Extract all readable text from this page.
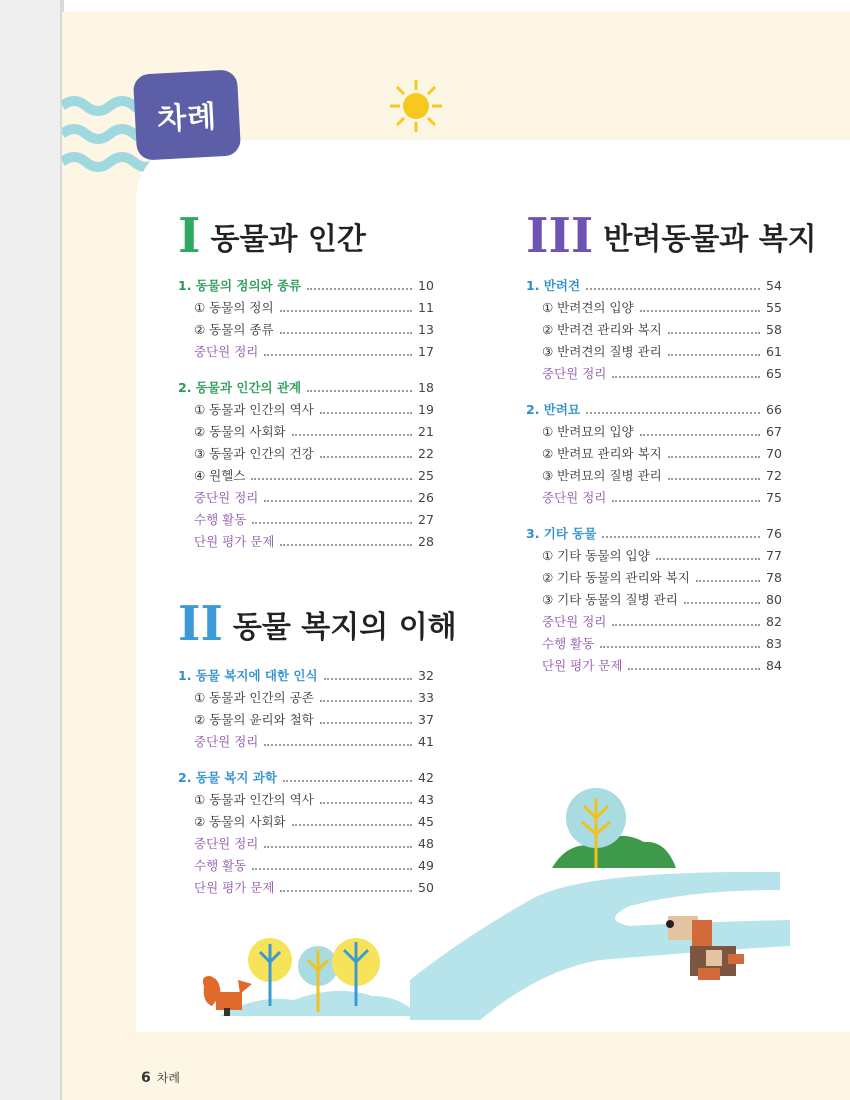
차례
I 동물과 인간
1. 동물의 정의와 종류	10
① 동물의 정의	11
② 동물의 종류	13
중단원 정리	17
2. 동물과 인간의 관계	18
① 동물과 인간의 역사	19
② 동물의 사회화	21
③ 동물과 인간의 건강	22
④ 원헬스	25
중단원 정리	26
수행 활동	27
단원 평가 문제	28
II 동물 복지의 이해
1. 동물 복지에 대한 인식	32
① 동물과 인간의 공존	33
② 동물의 윤리와 철학	37
중단원 정리	41
2. 동물 복지 과학	42
① 동물과 인간의 역사	43
② 동물의 사회화	45
중단원 정리	48
수행 활동	49
단원 평가 문제	50
III 반려동물과 복지
1. 반려견	54
① 반려견의 입양	55
② 반려견 관리와 복지	58
③ 반려견의 질병 관리	61
중단원 정리	65
2. 반려묘	66
① 반려묘의 입양	67
② 반려묘 관리와 복지	70
③ 반려묘의 질병 관리	72
중단원 정리	75
3. 기타 동물	76
① 기타 동물의 입양	77
② 기타 동물의 관리와 복지	78
③ 기타 동물의 질병 관리	80
중단원 정리	82
수행 활동	83
단원 평가 문제	84
6 차례
